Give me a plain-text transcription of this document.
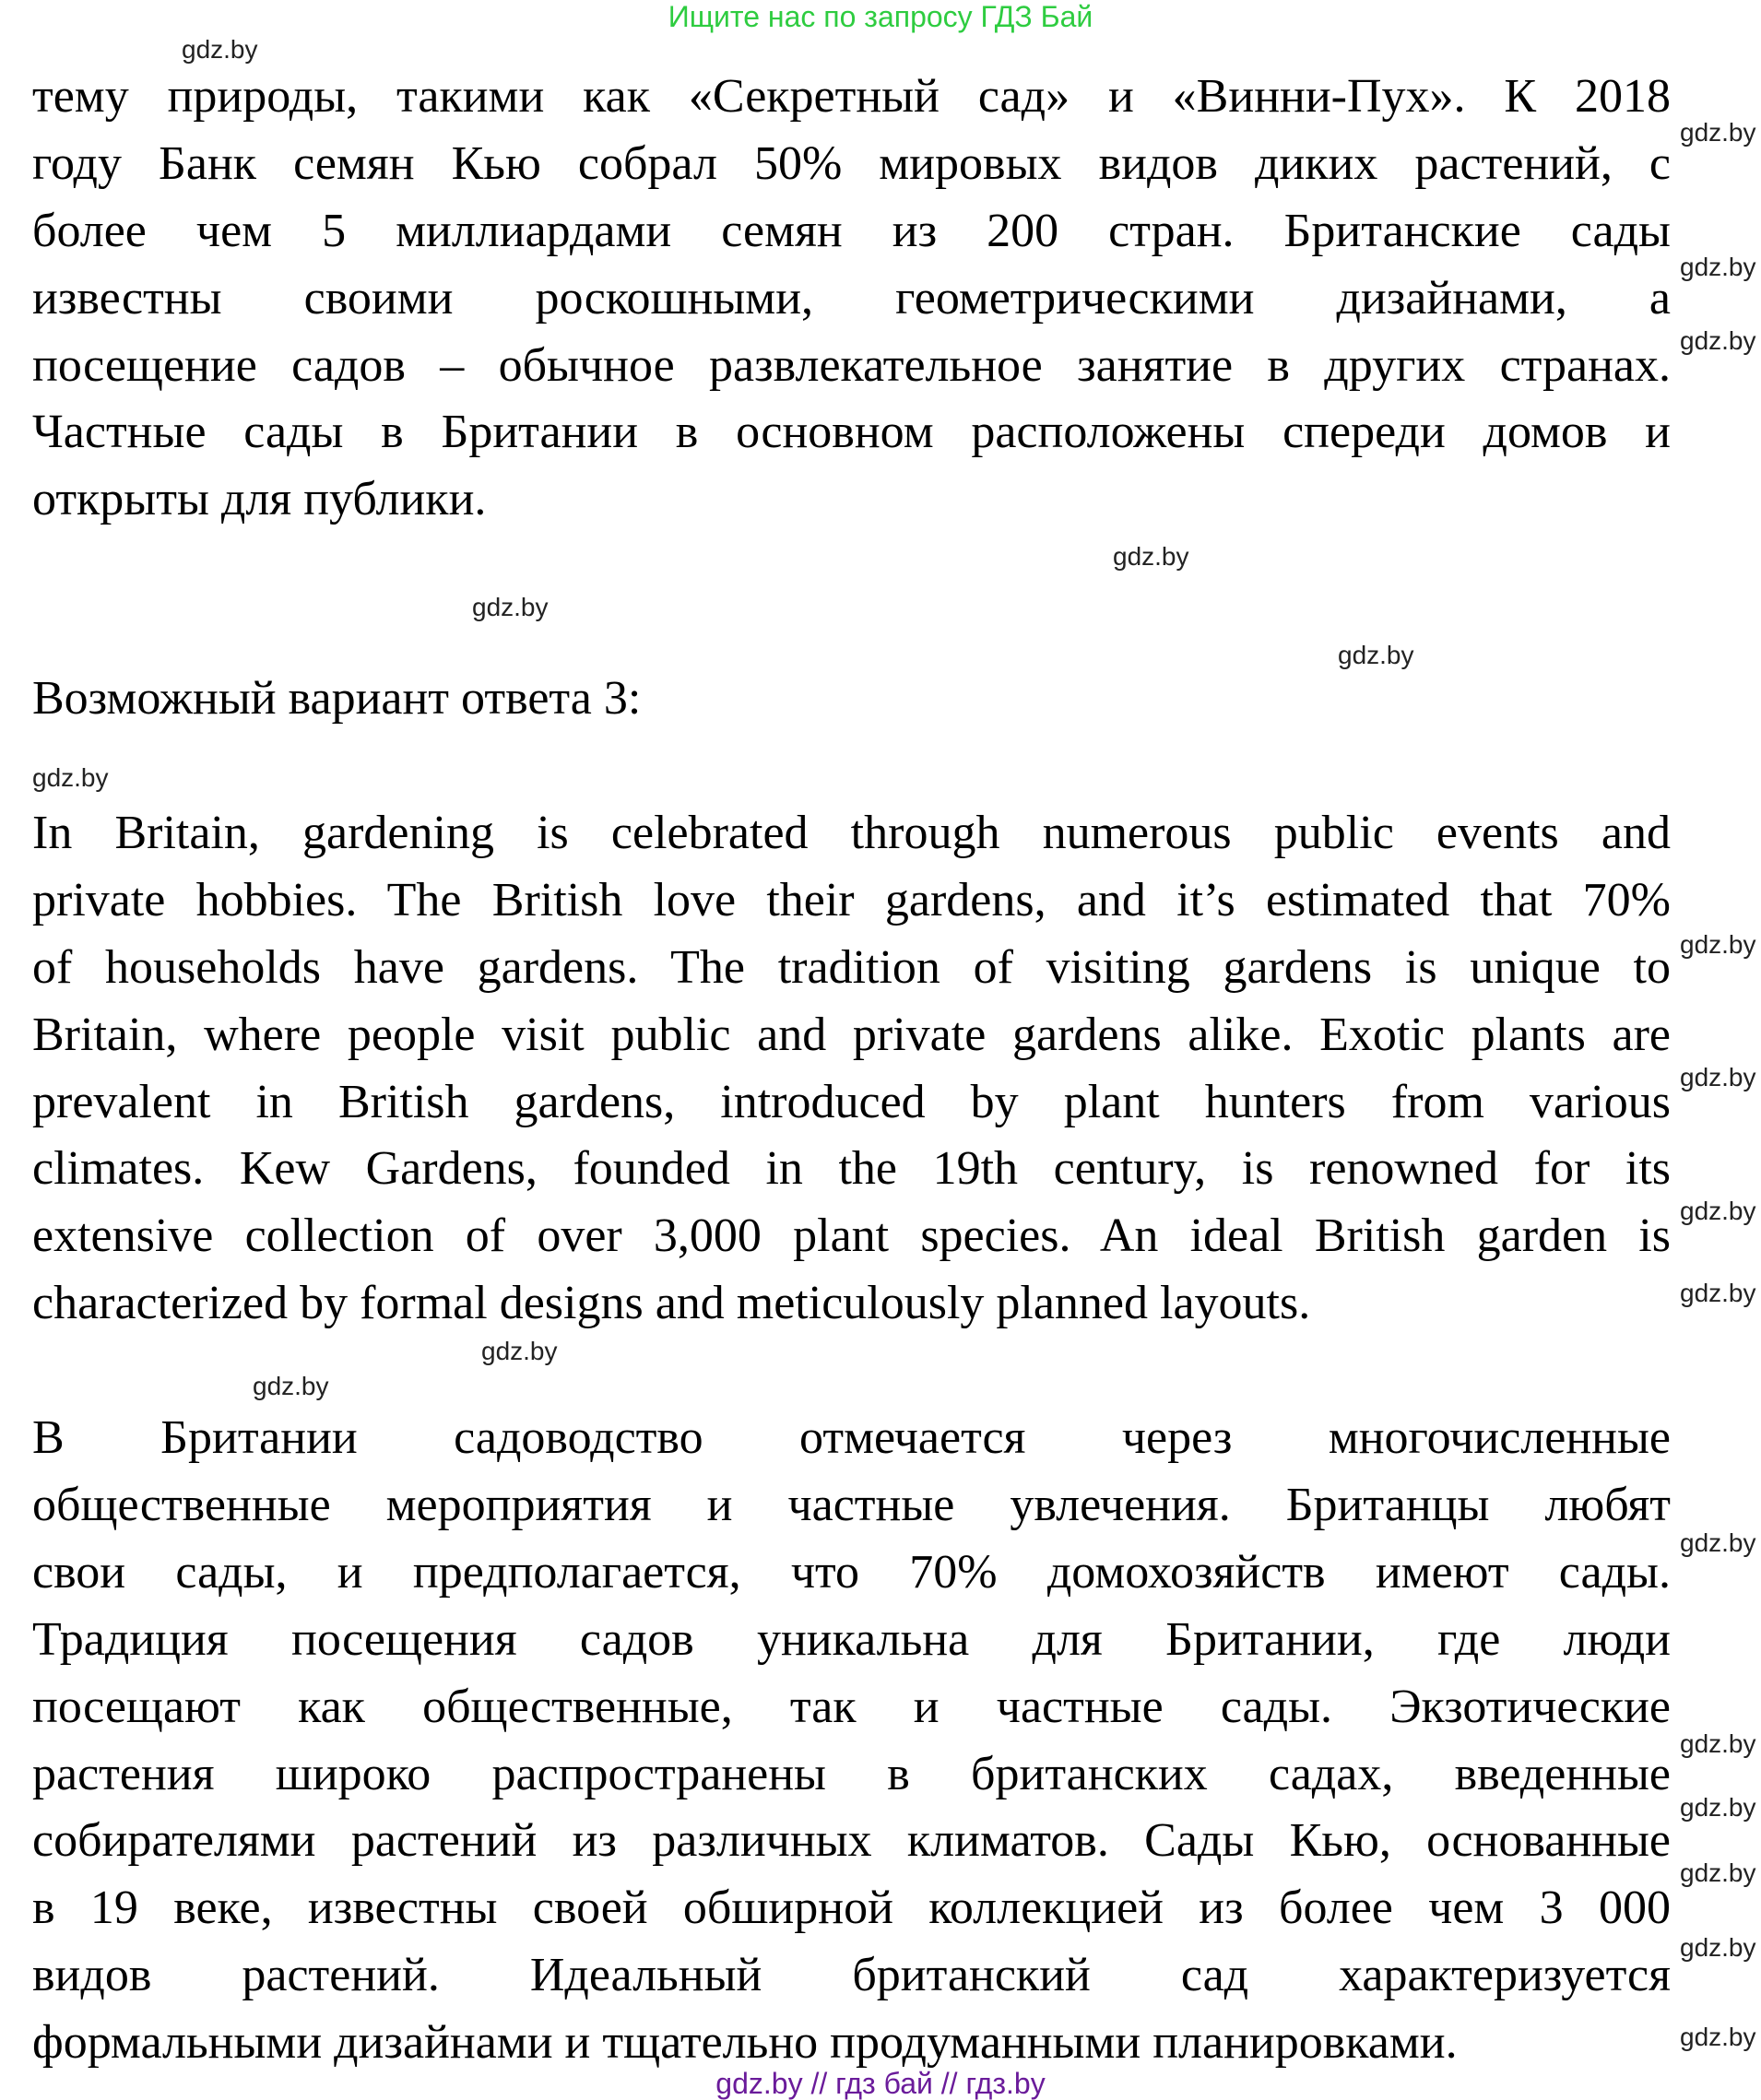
Ищите нас по запросу ГДЗ Бай
тему природы, такими как «Секретный сад» и «Винни-Пух». К 2018
году Банк семян Кью собрал 50% мировых видов диких растений, с
более чем 5 миллиардами семян из 200 стран. Британские сады
известны своими роскошными, геометрическими дизайнами, а
посещение садов – обычное развлекательное занятие в других странах.
Частные сады в Британии в основном расположены спереди домов и
открыты для публики.
Возможный вариант ответа 3:
In Britain, gardening is celebrated through numerous public events and
private hobbies. The British love their gardens, and it’s estimated that 70%
of households have gardens. The tradition of visiting gardens is unique to
Britain, where people visit public and private gardens alike. Exotic plants are
prevalent in British gardens, introduced by plant hunters from various
climates. Kew Gardens, founded in the 19th century, is renowned for its
extensive collection of over 3,000 plant species. An ideal British garden is
characterized by formal designs and meticulously planned layouts.
В Британии садоводство отмечается через многочисленные
общественные мероприятия и частные увлечения. Британцы любят
свои сады, и предполагается, что 70% домохозяйств имеют сады.
Традиция посещения садов уникальна для Британии, где люди
посещают как общественные, так и частные сады. Экзотические
растения широко распространены в британских садах, введенные
собирателями растений из различных климатов. Сады Кью, основанные
в 19 веке, известны своей обширной коллекцией из более чем 3 000
видов растений. Идеальный британский сад характеризуется
формальными дизайнами и тщательно продуманными планировками.
gdz.by
gdz.by
gdz.by
gdz.by
gdz.by
gdz.by
gdz.by
gdz.by
gdz.by
gdz.by
gdz.by
gdz.by
gdz.by
gdz.by
gdz.by
gdz.by
gdz.by
gdz.by
gdz.by
gdz.by
gdz.by // гдз бай // гдз.by
